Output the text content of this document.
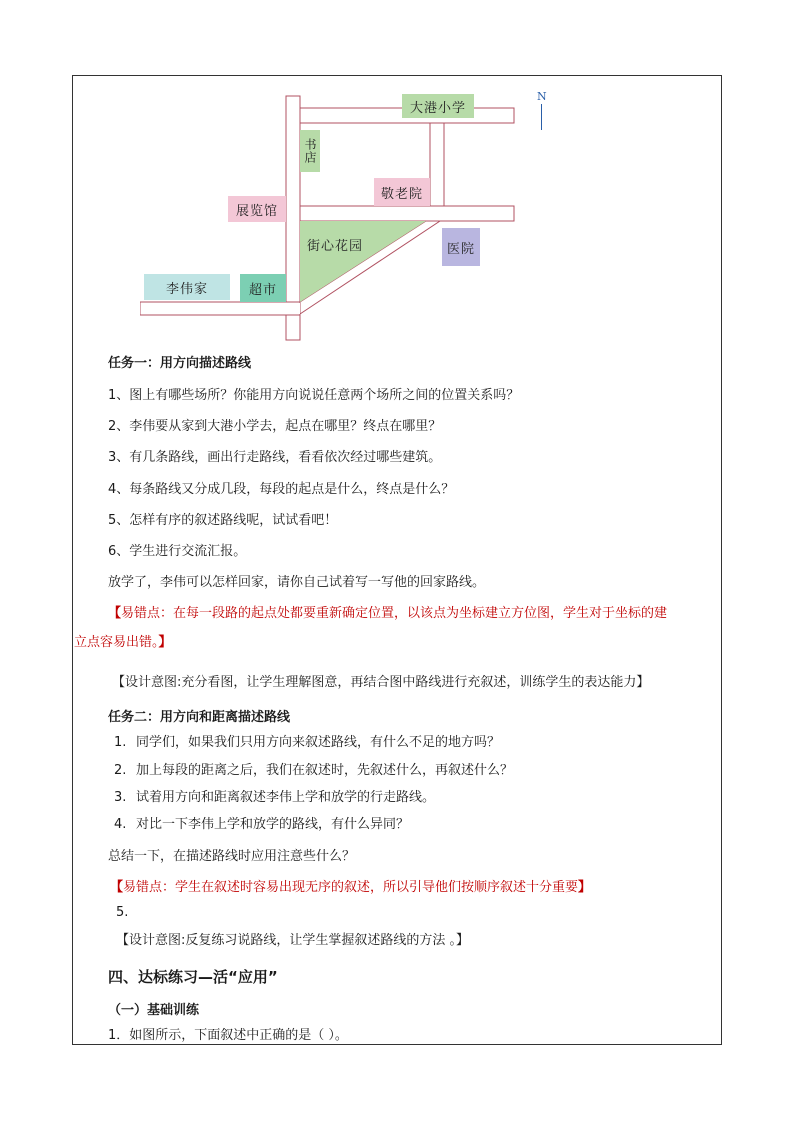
大港小学
书店
敬老院
展览馆
街心花园	医院
李伟家	超市
N
任务一：用方向描述路线
1、图上有哪些场所？你能用方向说说任意两个场所之间的位置关系吗？
2、李伟要从家到大港小学去，起点在哪里？终点在哪里？
3、有几条路线，画出行走路线，看看依次经过哪些建筑。
4、每条路线又分成几段，每段的起点是什么，终点是什么？
5、怎样有序的叙述路线呢，试试看吧！
6、学生进行交流汇报。
放学了，李伟可以怎样回家，请你自己试着写一写他的回家路线。
【易错点：在每一段路的起点处都要重新确定位置，以该点为坐标建立方位图，学生对于坐标的建
立点容易出错。】
【设计意图:充分看图，让学生理解图意，再结合图中路线进行充叙述，训练学生的表达能力】
任务二：用方向和距离描述路线
1. 同学们，如果我们只用方向来叙述路线，有什么不足的地方吗？
2. 加上每段的距离之后，我们在叙述时，先叙述什么，再叙述什么？
3. 试着用方向和距离叙述李伟上学和放学的行走路线。
4. 对比一下李伟上学和放学的路线，有什么异同？
总结一下，在描述路线时应用注意些什么？
【易错点：学生在叙述时容易出现无序的叙述，所以引导他们按顺序叙述十分重要】
5.
【设计意图:反复练习说路线，让学生掌握叙述路线的方法 。】
四、达标练习—活“应用”
（一）基础训练
1．如图所示，下面叙述中正确的是（ ）。
